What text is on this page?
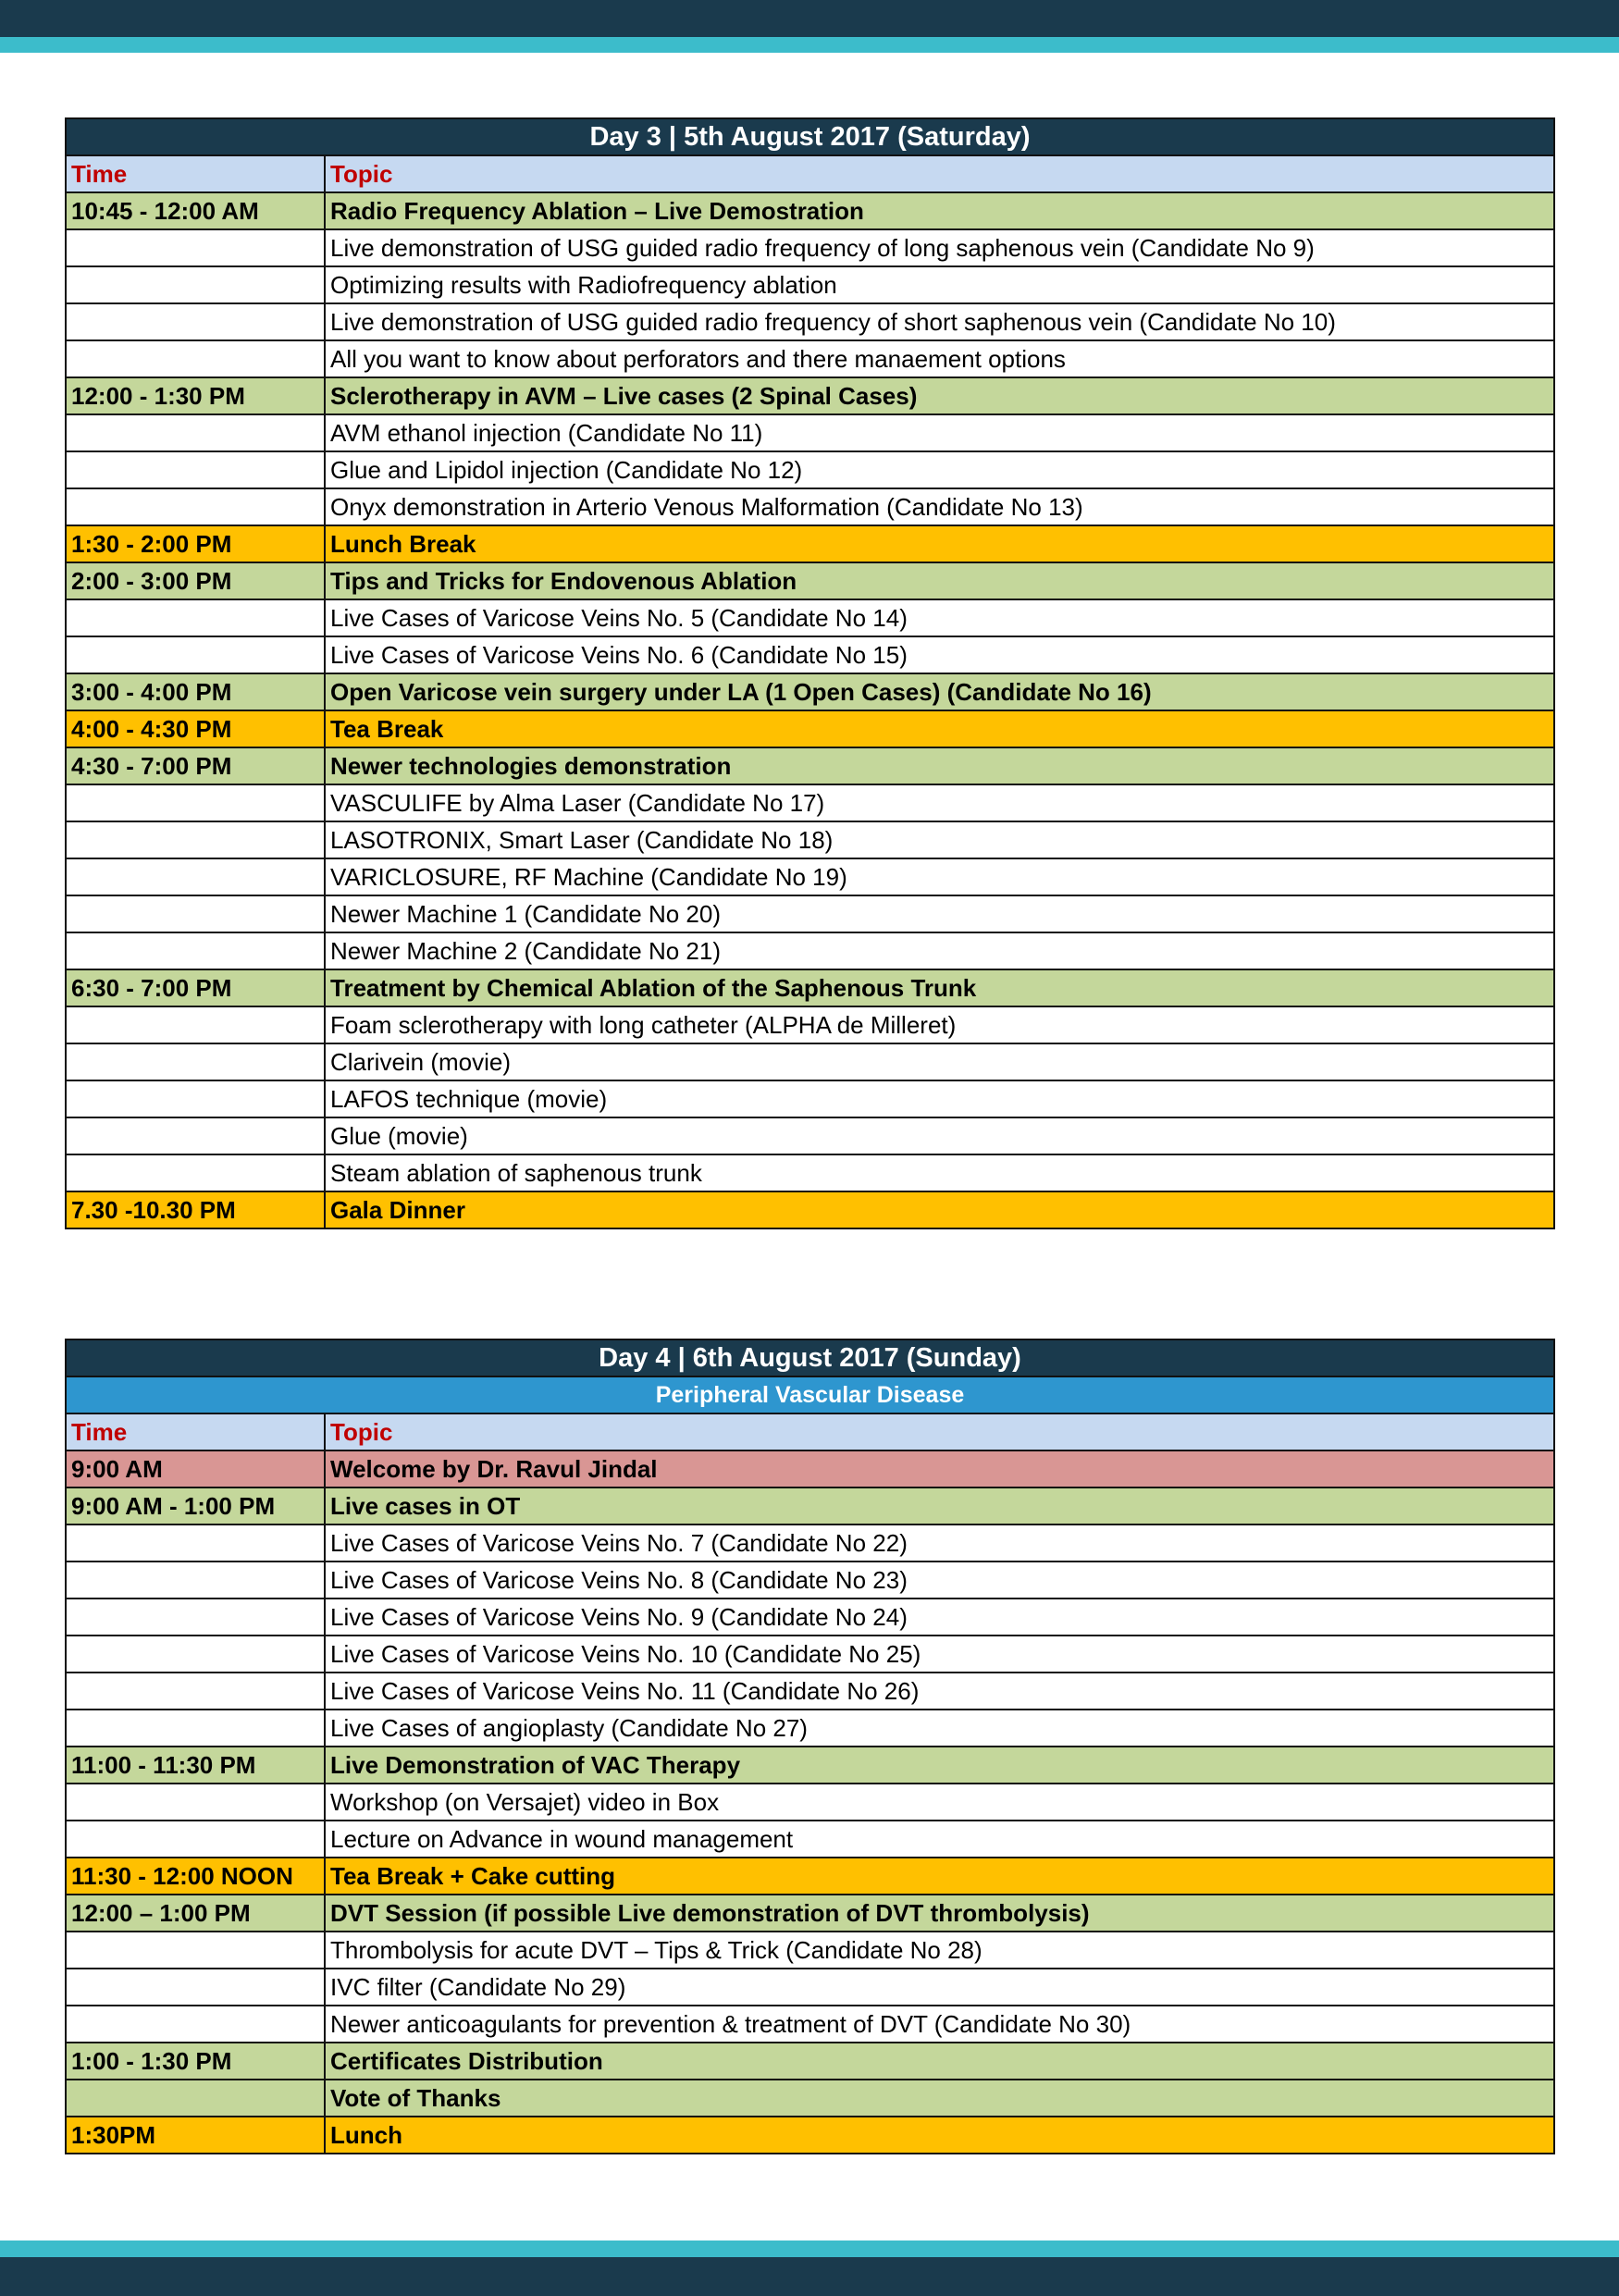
Day 3 | 5th August 2017 (Saturday)	
Time	Topic
10:45 - 12:00 AM	Radio Frequency Ablation – Live Demostration
	Live demonstration of USG guided radio frequency of long saphenous vein (Candidate No 9)
	Optimizing results with Radiofrequency ablation
	Live demonstration of USG guided radio frequency of short saphenous vein (Candidate No 10)
	All you want to know about perforators and there manaement options
12:00 - 1:30 PM	Sclerotherapy in AVM – Live cases (2 Spinal Cases)
	AVM ethanol injection (Candidate No 11)
	Glue and Lipidol injection (Candidate No 12)
	Onyx demonstration in Arterio Venous Malformation (Candidate No 13)
1:30 - 2:00 PM	Lunch Break
2:00 - 3:00 PM	Tips and Tricks for Endovenous Ablation
	Live Cases of Varicose Veins No. 5 (Candidate No 14)
	Live Cases of Varicose Veins No. 6 (Candidate No 15)
3:00 - 4:00 PM	Open Varicose vein surgery under LA (1 Open Cases) (Candidate No 16)
4:00 - 4:30 PM	Tea Break
4:30 - 7:00 PM	Newer technologies demonstration
	VASCULIFE by Alma Laser (Candidate No 17)
	LASOTRONIX, Smart Laser (Candidate No 18)
	VARICLOSURE, RF Machine (Candidate No 19)
	Newer Machine 1 (Candidate No 20)
	Newer Machine 2 (Candidate No 21)
6:30 - 7:00 PM	Treatment by Chemical Ablation of the Saphenous Trunk
	Foam sclerotherapy with long catheter (ALPHA de Milleret)
	Clarivein (movie)
	LAFOS technique (movie)
	Glue (movie)
	Steam ablation of saphenous trunk
7.30 -10.30 PM	Gala Dinner
Day 4 | 6th August 2017 (Sunday)	
Peripheral Vascular Disease	
Time	Topic
9:00 AM	Welcome by Dr. Ravul Jindal
9:00 AM - 1:00 PM	Live cases in OT
	Live Cases of Varicose Veins No. 7 (Candidate No 22)
	Live Cases of Varicose Veins No. 8 (Candidate No 23)
	Live Cases of Varicose Veins No. 9 (Candidate No 24)
	Live Cases of Varicose Veins No. 10 (Candidate No 25)
	Live Cases of Varicose Veins No. 11 (Candidate No 26)
	Live Cases of angioplasty (Candidate No 27)
11:00 - 11:30 PM	Live Demonstration of VAC Therapy
	Workshop (on Versajet) video in Box
	Lecture on Advance in wound management
11:30 - 12:00 NOON	Tea Break + Cake cutting
12:00 – 1:00 PM	DVT Session (if possible Live demonstration of DVT thrombolysis)
	Thrombolysis for acute DVT – Tips & Trick (Candidate No 28)
	IVC filter (Candidate No 29)
	Newer anticoagulants for prevention & treatment of DVT (Candidate No 30)
1:00 - 1:30 PM	Certificates Distribution
	Vote of Thanks
1:30PM	Lunch
